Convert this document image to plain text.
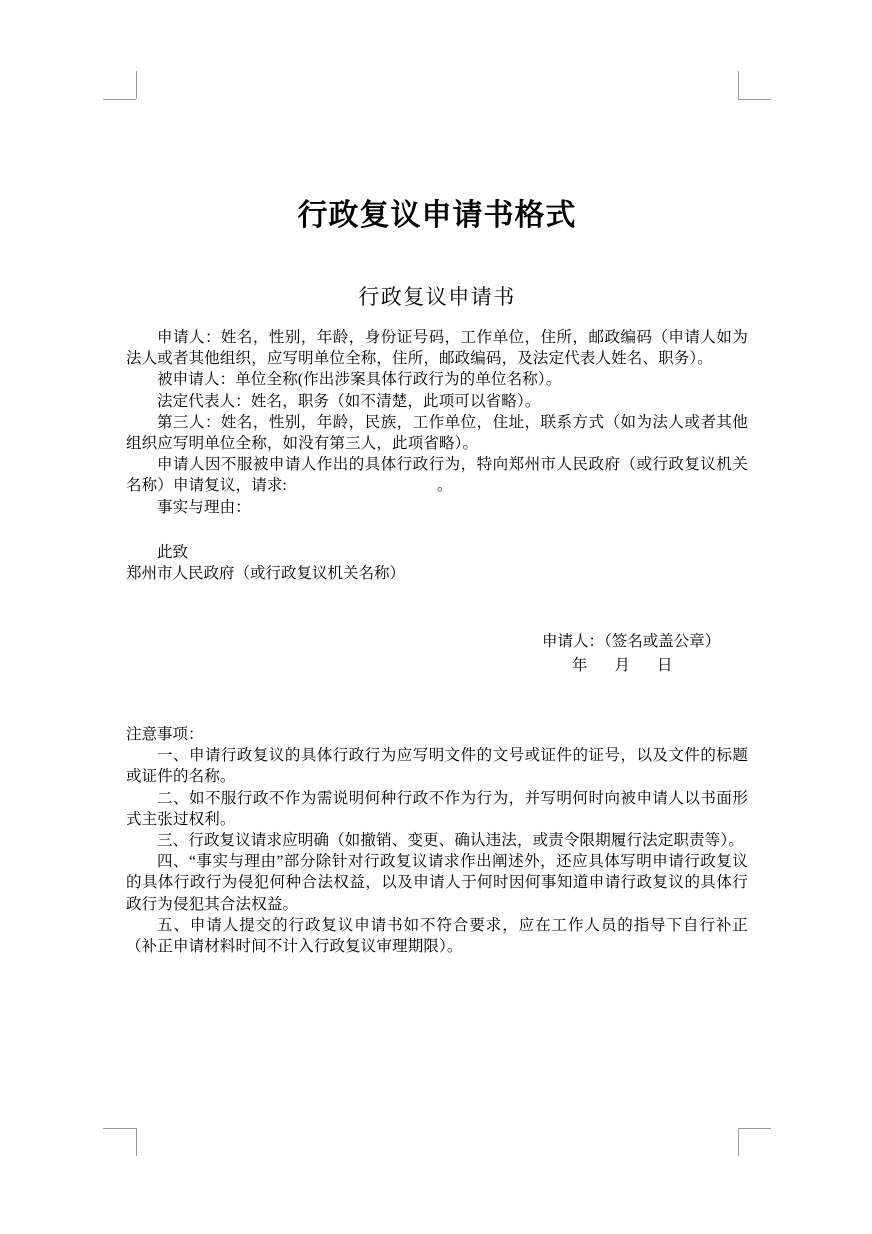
行政复议申请书格式
行政复议申请书

申请人：姓名，性别，年龄，身份证号码，工作单位，住所，邮政编码（申请人如为法人或者其他组织，应写明单位全称，住所，邮政编码，及法定代表人姓名、职务）。

被申请人：单位全称(作出涉案具体行政行为的单位名称）。

法定代表人：姓名，职务（如不清楚，此项可以省略）。

第三人：姓名，性别，年龄，民族，工作单位，住址，联系方式（如为法人或者其他组织应写明单位全称，如没有第三人，此项省略）。

申请人因不服被申请人作出的具体行政行为，特向郑州市人民政府（或行政复议机关名称）申请复议，请求:	。

事实与理由：

此致

郑州市人民政府（或行政复议机关名称）

申请人：（签名或盖公章）
年 月 日

注意事项：

一、申请行政复议的具体行政行为应写明文件的文号或证件的证号，以及文件的标题或证件的名称。

二、如不服行政不作为需说明何种行政不作为行为，并写明何时向被申请人以书面形式主张过权利。

三、行政复议请求应明确（如撤销、变更、确认违法，或责令限期履行法定职责等）。

四、“事实与理由”部分除针对行政复议请求作出阐述外，还应具体写明申请行政复议的具体行政行为侵犯何种合法权益，以及申请人于何时因何事知道申请行政复议的具体行政行为侵犯其合法权益。

五、申请人提交的行政复议申请书如不符合要求，应在工作人员的指导下自行补正（补正申请材料时间不计入行政复议审理期限）。
